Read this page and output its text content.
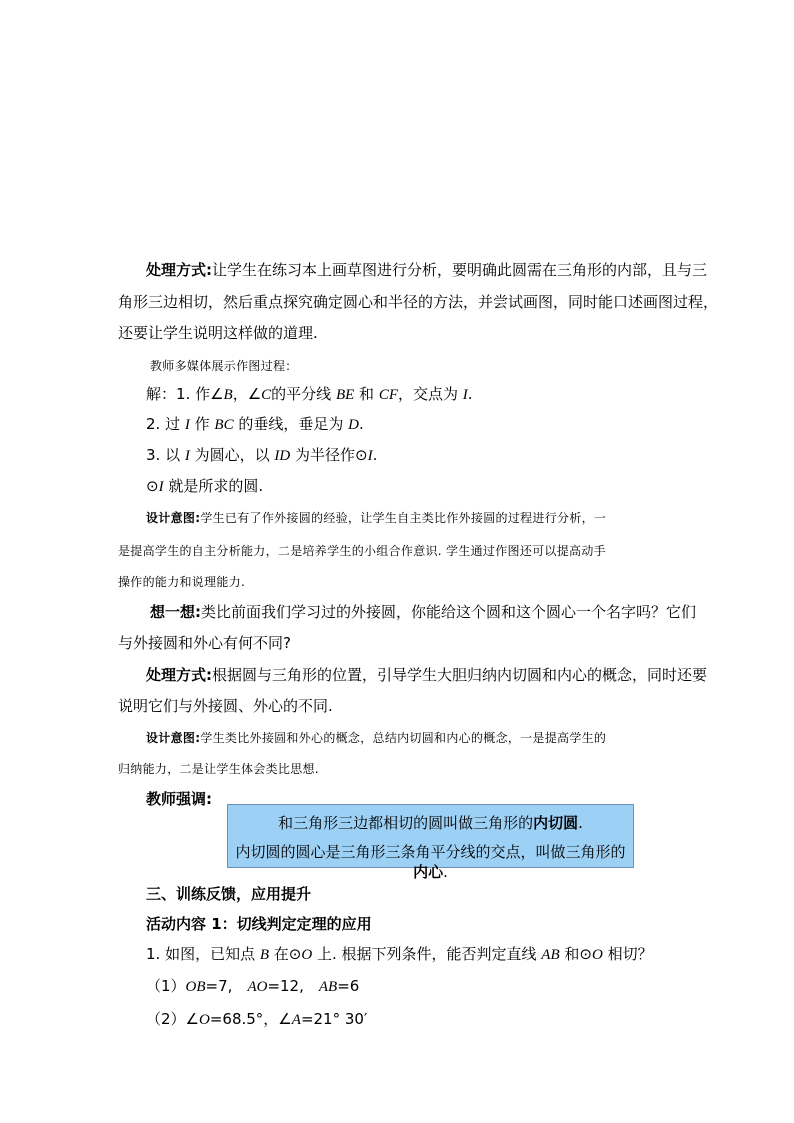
处理方式:让学生在练习本上画草图进行分析，要明确此圆需在三角形的内部，且与三
角形三边相切，然后重点探究确定圆心和半径的方法，并尝试画图，同时能口述画图过程，
还要让学生说明这样做的道理.
教师多媒体展示作图过程：
解：1. 作∠B，∠C的平分线 BE 和 CF，交点为 I.
2. 过 I 作 BC 的垂线，垂足为 D.
3. 以 I 为圆心，以 ID 为半径作⊙I.
⊙I 就是所求的圆.
设计意图:学生已有了作外接圆的经验，让学生自主类比作外接圆的过程进行分析，一
是提高学生的自主分析能力，二是培养学生的小组合作意识. 学生通过作图还可以提高动手
操作的能力和说理能力.
想一想:类比前面我们学习过的外接圆，你能给这个圆和这个圆心一个名字吗？它们
与外接圆和外心有何不同?
处理方式:根据圆与三角形的位置，引导学生大胆归纳内切圆和内心的概念，同时还要
说明它们与外接圆、外心的不同.
设计意图:学生类比外接圆和外心的概念，总结内切圆和内心的概念，一是提高学生的
归纳能力，二是让学生体会类比思想.
教师强调:
和三角形三边都相切的圆叫做三角形的内切圆.
内切圆的圆心是三角形三条角平分线的交点，叫做三角形的内心.
三、训练反馈，应用提升
活动内容 1：切线判定定理的应用
1. 如图，已知点 B 在⊙O 上. 根据下列条件，能否判定直线 AB 和⊙O 相切？
（1）OB=7,　AO=12,　AB=6
（2）∠O=68.5°，∠A=21° 30′
